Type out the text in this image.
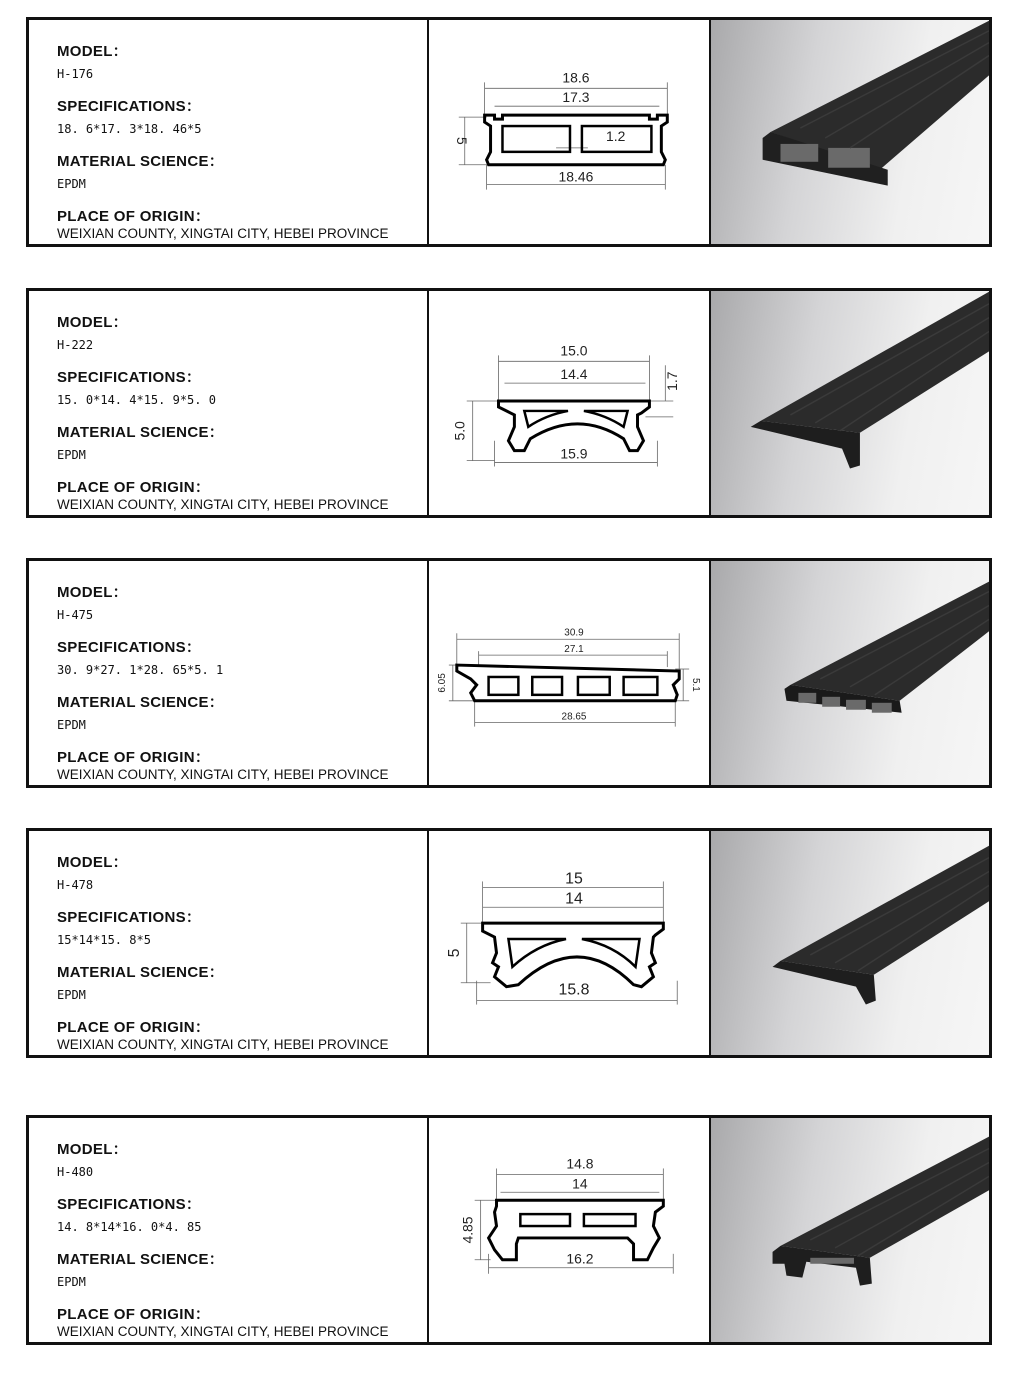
MODEL：

H-176

SPECIFICATIONS：

18. 6*17. 3*18. 46*5

MATERIAL SCIENCE：

EPDM

PLACE OF ORIGIN：

WEIXIAN COUNTY, XINGTAI CITY, HEBEI PROVINCE

18.6
17.3
18.46
1.2
5

MODEL：

H-222

SPECIFICATIONS：

15. 0*14. 4*15. 9*5. 0

MATERIAL SCIENCE：

EPDM

PLACE OF ORIGIN：

WEIXIAN COUNTY, XINGTAI CITY, HEBEI PROVINCE

15.0
14.4
15.9
5.0
1.7

MODEL：

H-475

SPECIFICATIONS：

30. 9*27. 1*28. 65*5. 1

MATERIAL SCIENCE：

EPDM

PLACE OF ORIGIN：

WEIXIAN COUNTY, XINGTAI CITY, HEBEI PROVINCE

30.9
27.1
28.65
6.05	5.1

MODEL：

H-478

SPECIFICATIONS：

15*14*15. 8*5

MATERIAL SCIENCE：

EPDM

PLACE OF ORIGIN：

WEIXIAN COUNTY, XINGTAI CITY, HEBEI PROVINCE

15
14
15.8
5

MODEL：

H-480

SPECIFICATIONS：

14. 8*14*16. 0*4. 85

MATERIAL SCIENCE：

EPDM

PLACE OF ORIGIN：

WEIXIAN COUNTY, XINGTAI CITY, HEBEI PROVINCE

14.8
14
16.2
4.85
